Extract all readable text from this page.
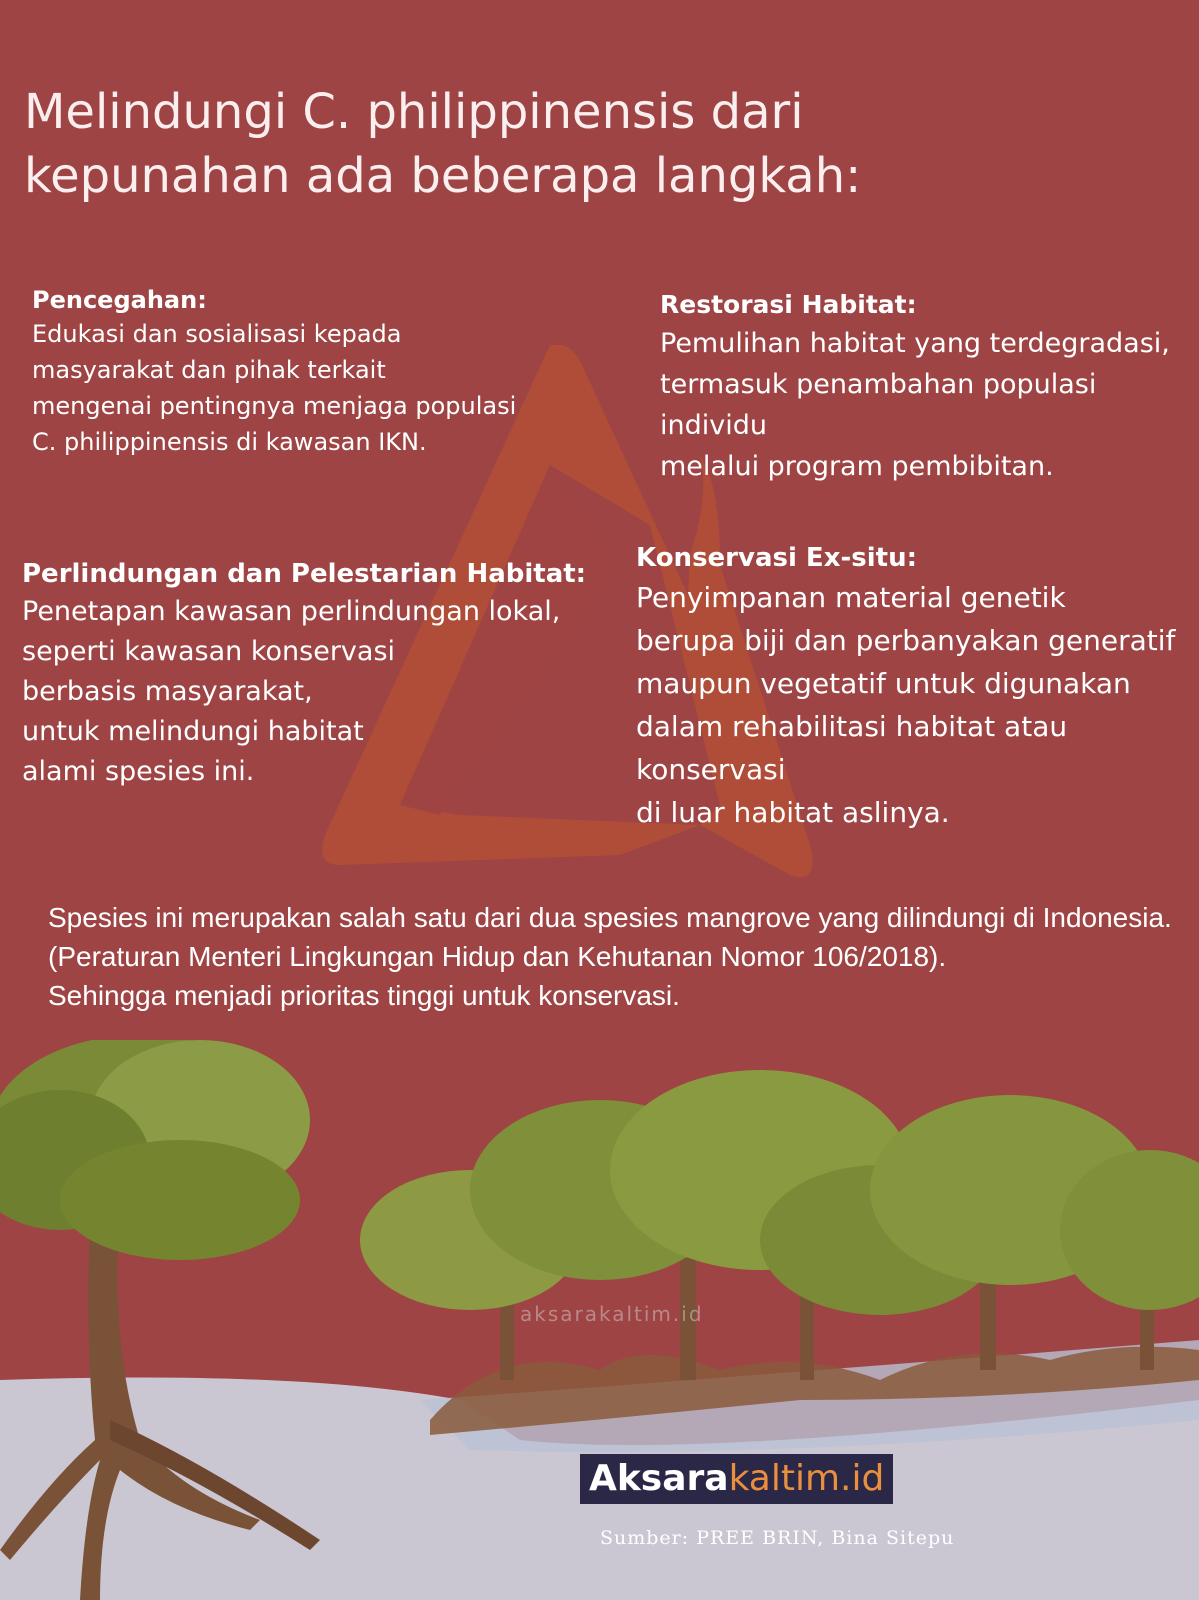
Melindungi C. philippinensis dari
kepunahan ada beberapa langkah:
Pencegahan:
Edukasi dan sosialisasi kepada
masyarakat dan pihak terkait
mengenai pentingnya menjaga populasi
C. philippinensis di kawasan IKN.
Restorasi Habitat:
Pemulihan habitat yang terdegradasi,
termasuk penambahan populasi individu
melalui program pembibitan.
Perlindungan dan Pelestarian Habitat:
Penetapan kawasan perlindungan lokal,
seperti kawasan konservasi
berbasis masyarakat,
untuk melindungi habitat
alami spesies ini.
Konservasi Ex-situ:
Penyimpanan material genetik
berupa biji dan perbanyakan generatif
maupun vegetatif untuk digunakan
dalam rehabilitasi habitat atau konservasi
di luar habitat aslinya.

Spesies ini merupakan salah satu dari dua spesies mangrove yang dilindungi di Indonesia.

(Peraturan Menteri Lingkungan Hidup dan Kehutanan Nomor 106/2018).

Sehingga menjadi prioritas tinggi untuk konservasi.

aksarakaltim.id
Aksara kaltim.id
Sumber: PREE BRIN, Bina Sitepu
